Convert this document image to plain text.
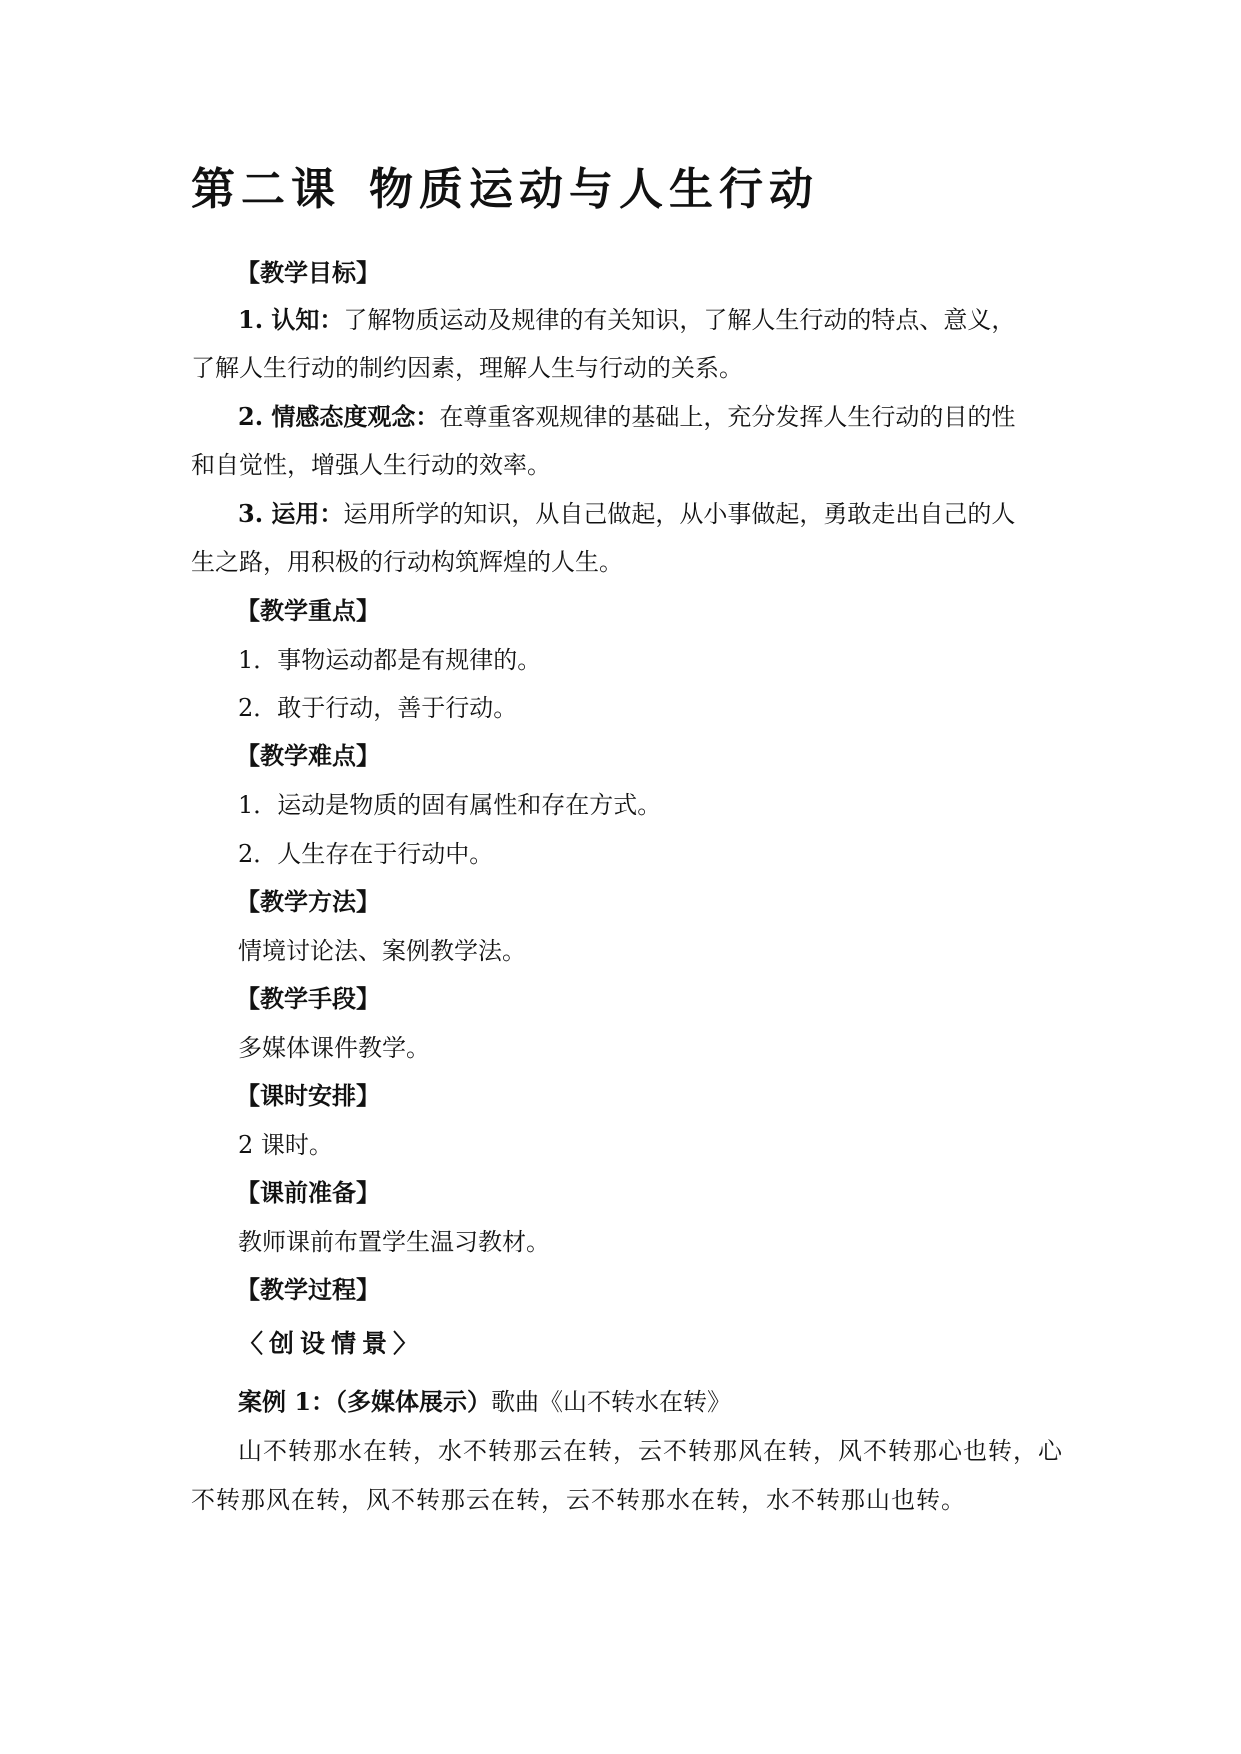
第二课 物质运动与人生行动
【教学目标】
1. 认知：了解物质运动及规律的有关知识，了解人生行动的特点、意义，
了解人生行动的制约因素，理解人生与行动的关系。
2. 情感态度观念：在尊重客观规律的基础上，充分发挥人生行动的目的性
和自觉性，增强人生行动的效率。
3. 运用：运用所学的知识，从自己做起，从小事做起，勇敢走出自己的人
生之路，用积极的行动构筑辉煌的人生。
【教学重点】
1．事物运动都是有规律的。
2．敢于行动，善于行动。
【教学难点】
1．运动是物质的固有属性和存在方式。
2．人生存在于行动中。
【教学方法】
情境讨论法、案例教学法。
【教学手段】
多媒体课件教学。
【课时安排】
2 课时。
【课前准备】
教师课前布置学生温习教材。
【教学过程】
〈创设情景〉
案例 1：（多媒体展示）歌曲《山不转水在转》
山不转那水在转，水不转那云在转，云不转那风在转，风不转那心也转，心
不转那风在转，风不转那云在转，云不转那水在转，水不转那山也转。
